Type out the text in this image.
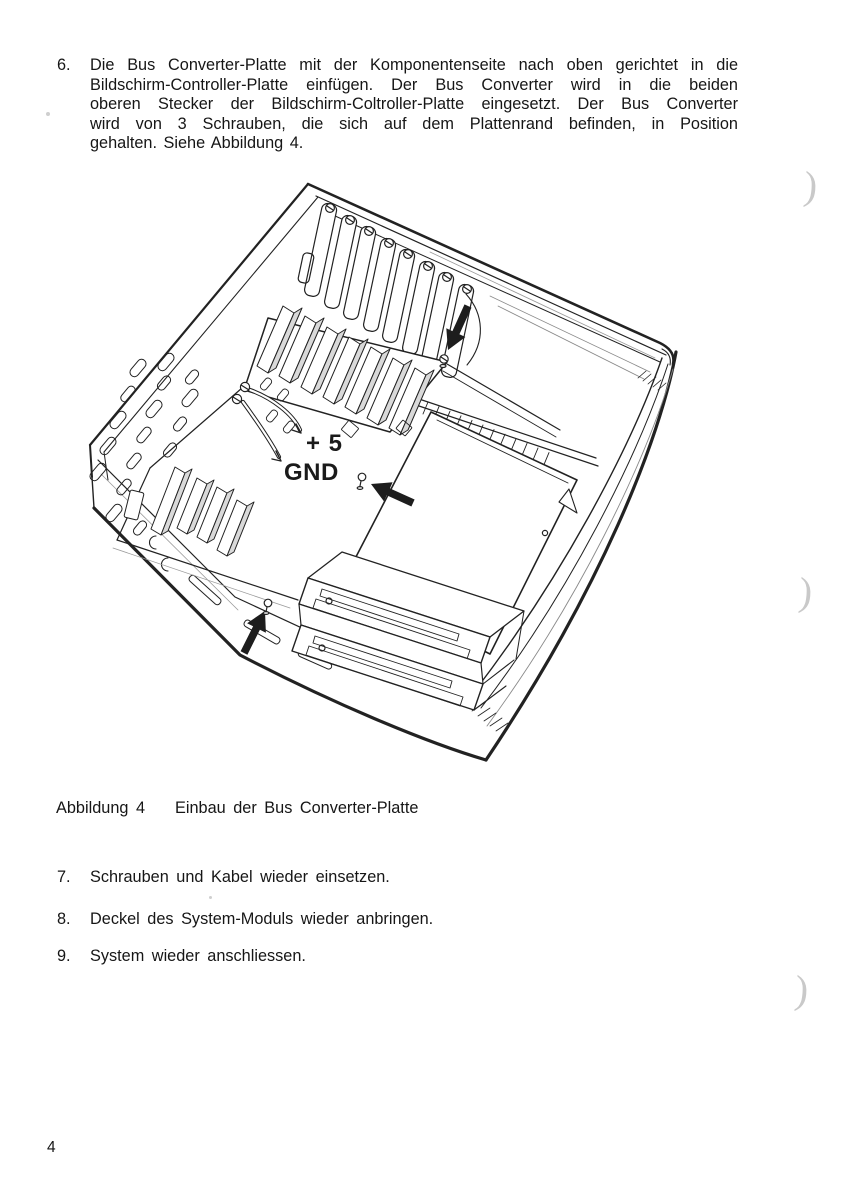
6. Die Bus Converter-Platte mit der Komponentenseite nach oben gerichtet in die
Bildschirm-Controller-Platte einfügen. Der Bus Converter wird in die beiden
oberen Stecker der Bildschirm-Coltroller-Platte eingesetzt. Der Bus Converter
wird von 3 Schrauben, die sich auf dem Plattenrand befinden, in Position
gehalten. Siehe Abbildung 4.
+ 5
GND
Abbildung 4 Einbau der Bus Converter-Platte
7. Schrauben und Kabel wieder einsetzen.
8. Deckel des System-Moduls wieder anbringen.
9. System wieder anschliessen.
4
)
)
)
